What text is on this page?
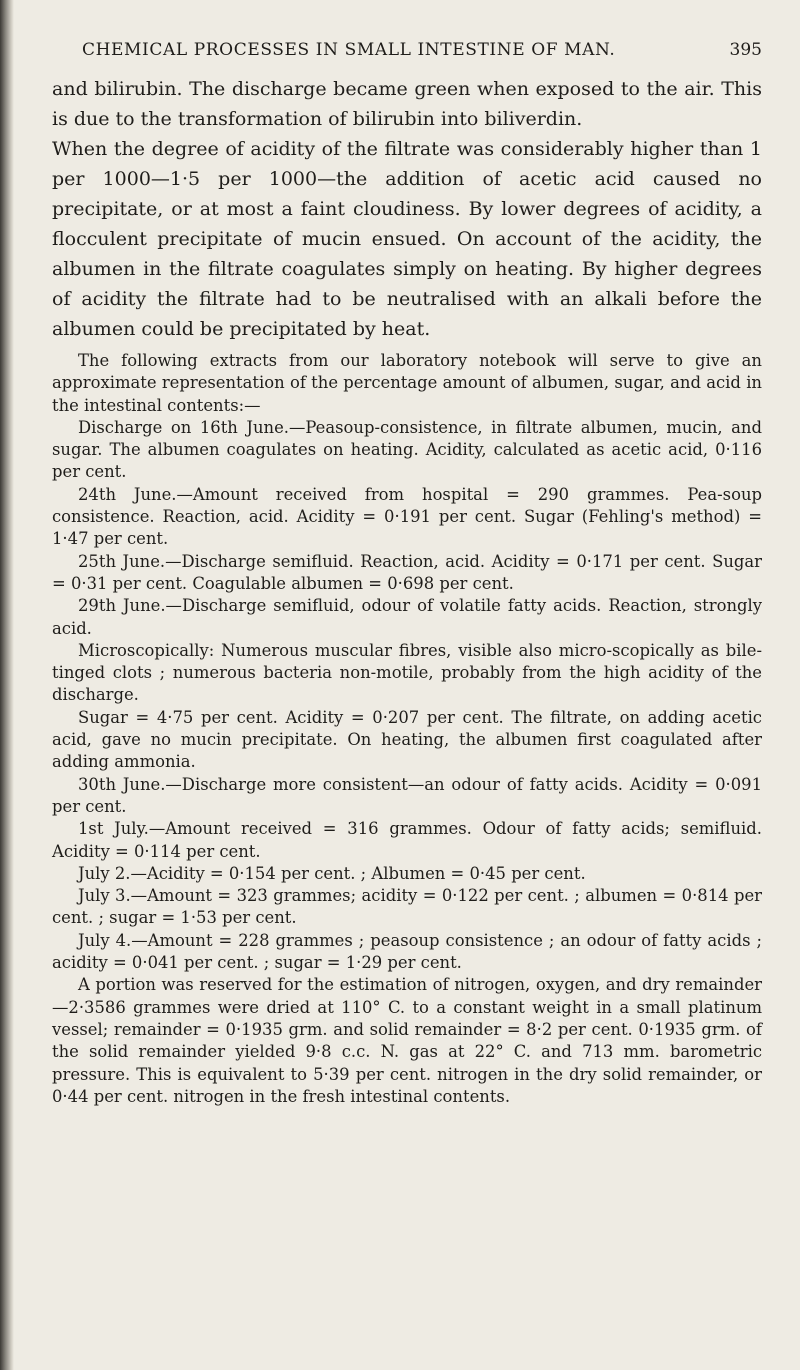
CHEMICAL PROCESSES IN SMALL INTESTINE OF MAN.	395

and bilirubin. The discharge became green when exposed to the air. This is due to the transformation of bilirubin into biliverdin.

When the degree of acidity of the filtrate was considerably higher than 1 per 1000—1·5 per 1000—the addition of acetic acid caused no precipitate, or at most a faint cloudiness. By lower degrees of acidity, a flocculent precipitate of mucin ensued. On account of the acidity, the albumen in the filtrate coagulates simply on heating. By higher degrees of acidity the filtrate had to be neutralised with an alkali before the albumen could be precipitated by heat.

The following extracts from our laboratory notebook will serve to give an approximate representation of the percentage amount of albumen, sugar, and acid in the intestinal contents:—

Discharge on 16th June.—Peasoup-consistence, in filtrate albumen, mucin, and sugar. The albumen coagulates on heating. Acidity, calculated as acetic acid, 0·116 per cent.

24th June.—Amount received from hospital = 290 grammes. Pea-soup consistence. Reaction, acid. Acidity = 0·191 per cent. Sugar (Fehling's method) = 1·47 per cent.

25th June.—Discharge semifluid. Reaction, acid. Acidity = 0·171 per cent. Sugar = 0·31 per cent. Coagulable albumen = 0·698 per cent.

29th June.—Discharge semifluid, odour of volatile fatty acids. Reaction, strongly acid.

Microscopically: Numerous muscular fibres, visible also micro-scopically as bile-tinged clots ; numerous bacteria non-motile, probably from the high acidity of the discharge.

Sugar = 4·75 per cent. Acidity = 0·207 per cent. The filtrate, on adding acetic acid, gave no mucin precipitate. On heating, the albumen first coagulated after adding ammonia.

30th June.—Discharge more consistent—an odour of fatty acids. Acidity = 0·091 per cent.

1st July.—Amount received = 316 grammes. Odour of fatty acids; semifluid. Acidity = 0·114 per cent.

July 2.—Acidity = 0·154 per cent. ; Albumen = 0·45 per cent.

July 3.—Amount = 323 grammes; acidity = 0·122 per cent. ; albumen = 0·814 per cent. ; sugar = 1·53 per cent.

July 4.—Amount = 228 grammes ; peasoup consistence ; an odour of fatty acids ; acidity = 0·041 per cent. ; sugar = 1·29 per cent.

A portion was reserved for the estimation of nitrogen, oxygen, and dry remainder—2·3586 grammes were dried at 110° C. to a constant weight in a small platinum vessel; remainder = 0·1935 grm. and solid remainder = 8·2 per cent. 0·1935 grm. of the solid remainder yielded 9·8 c.c. N. gas at 22° C. and 713 mm. barometric pressure. This is equivalent to 5·39 per cent. nitrogen in the dry solid remainder, or 0·44 per cent. nitrogen in the fresh intestinal contents.
